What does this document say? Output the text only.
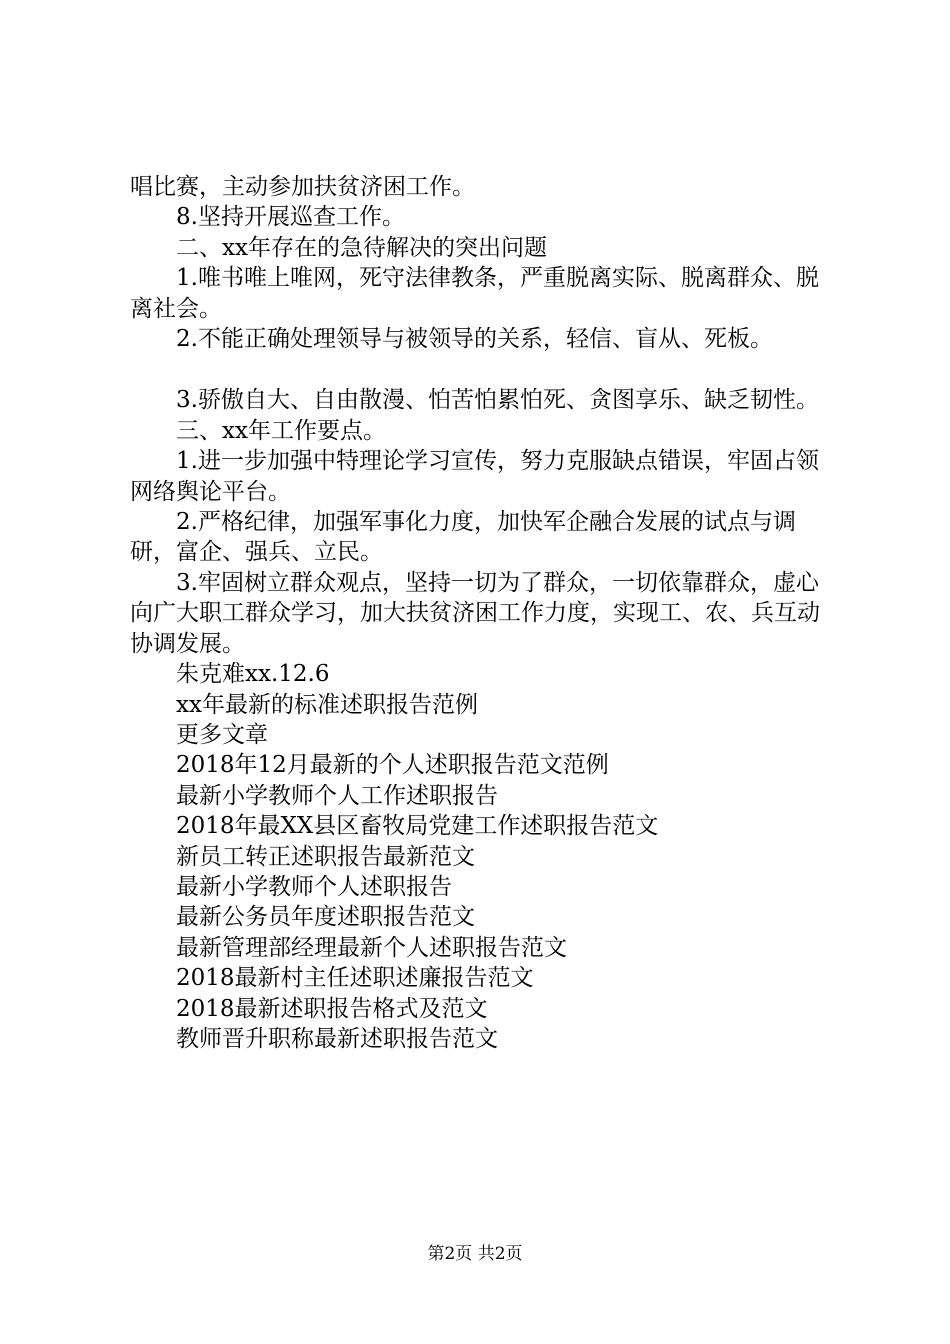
唱比赛，主动参加扶贫济困工作。

8.坚持开展巡查工作。

二、xx年存在的急待解决的突出问题

1.唯书唯上唯网，死守法律教条，严重脱离实际、脱离群众、脱离社会。

2.不能正确处理领导与被领导的关系，轻信、盲从、死板。

3.骄傲自大、自由散漫、怕苦怕累怕死、贪图享乐、缺乏韧性。

三、xx年工作要点。

1.进一步加强中特理论学习宣传，努力克服缺点错误，牢固占领网络舆论平台。

2.严格纪律，加强军事化力度，加快军企融合发展的试点与调研，富企、强兵、立民。

3.牢固树立群众观点，坚持一切为了群众，一切依靠群众，虚心向广大职工群众学习，加大扶贫济困工作力度，实现工、农、兵互动协调发展。

朱克难xx.12.6

xx年最新的标准述职报告范例

更多文章

2018年12月最新的个人述职报告范文范例

最新小学教师个人工作述职报告

2018年最XX县区畜牧局党建工作述职报告范文

新员工转正述职报告最新范文

最新小学教师个人述职报告

最新公务员年度述职报告范文

最新管理部经理最新个人述职报告范文

2018最新村主任述职述廉报告范文

2018最新述职报告格式及范文

教师晋升职称最新述职报告范文

第2页 共2页
